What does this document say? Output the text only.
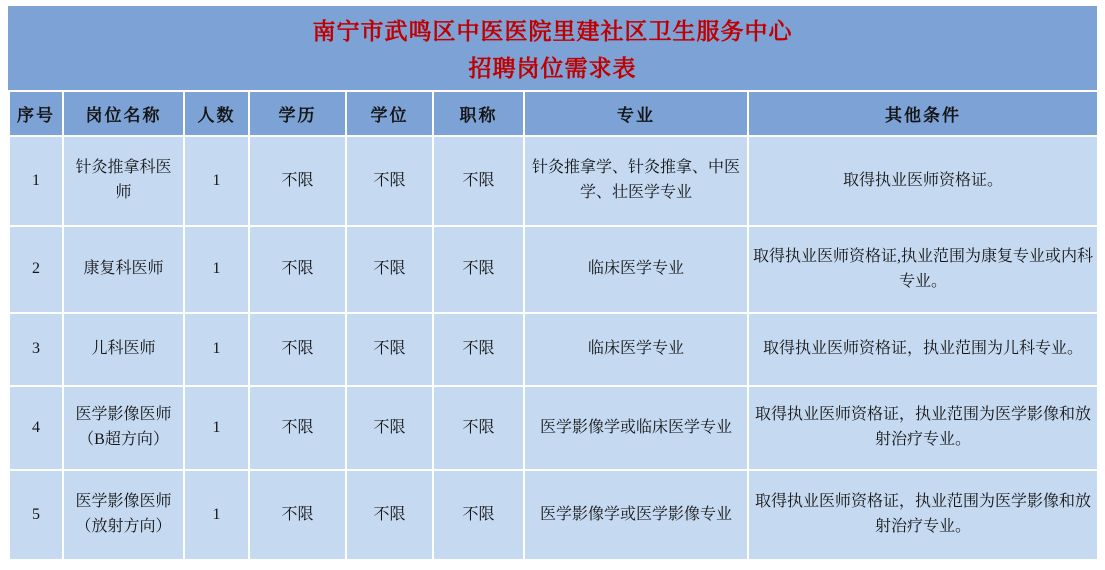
南宁市武鸣区中医医院里建社区卫生服务中心
招聘岗位需求表
序号	岗位名称	人数	学历	学位	职称	专业	其他条件
1	针灸推拿科医师	1	不限	不限	不限	针灸推拿学、针灸推拿、中医学、壮医学专业	取得执业医师资格证。
2	康复科医师	1	不限	不限	不限	临床医学专业	取得执业医师资格证,执业范围为康复专业或内科专业。
3	儿科医师	1	不限	不限	不限	临床医学专业	取得执业医师资格证，执业范围为儿科专业。
4	医学影像医师（B超方向）	1	不限	不限	不限	医学影像学或临床医学专业	取得执业医师资格证，执业范围为医学影像和放射治疗专业。
5	医学影像医师（放射方向）	1	不限	不限	不限	医学影像学或医学影像专业	取得执业医师资格证，执业范围为医学影像和放射治疗专业。
